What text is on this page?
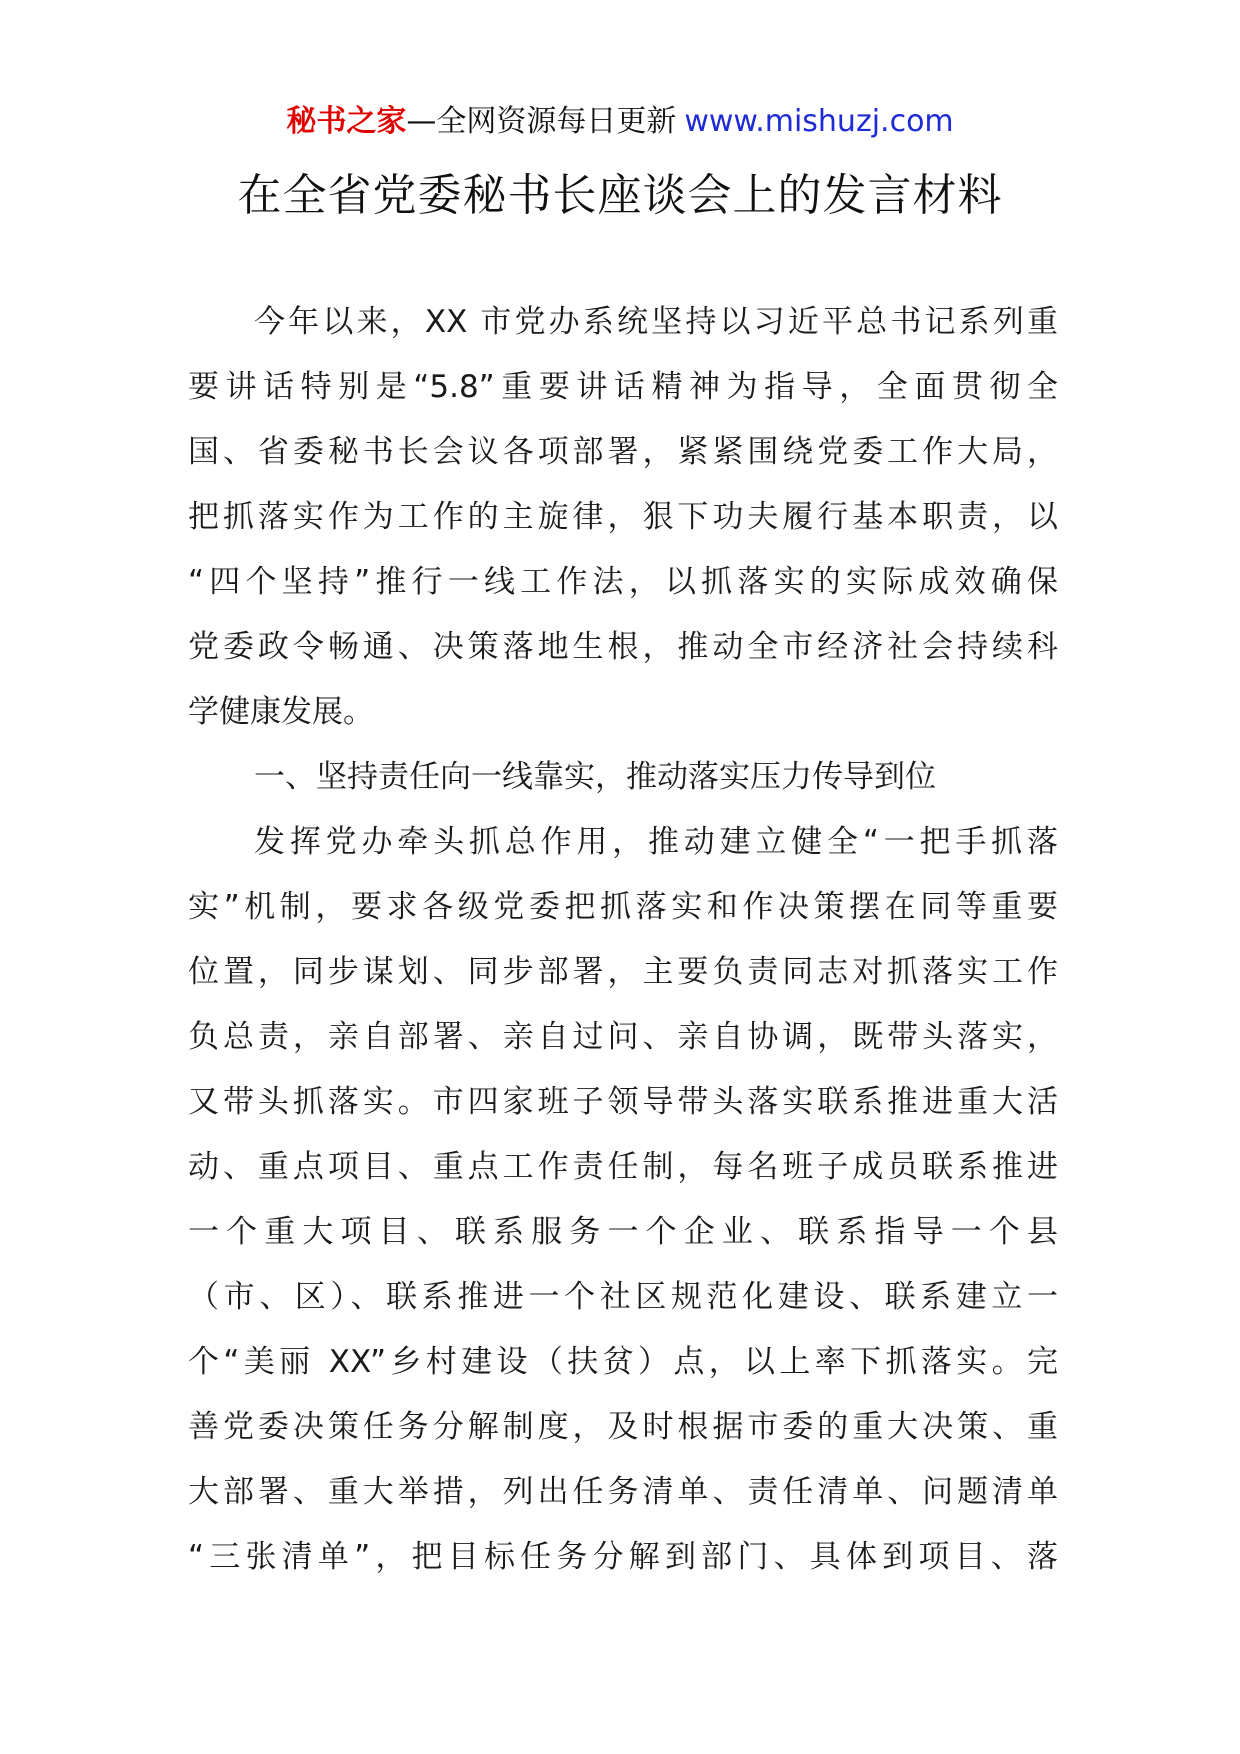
秘书之家—全网资源每日更新 www.mishuzj.com
在全省党委秘书长座谈会上的发言材料
今年以来，XX 市党办系统坚持以习近平总书记系列重
要讲话特别是“5.8”重要讲话精神为指导，全面贯彻全
国、省委秘书长会议各项部署，紧紧围绕党委工作大局，
把抓落实作为工作的主旋律，狠下功夫履行基本职责，以
“四个坚持”推行一线工作法，以抓落实的实际成效确保
党委政令畅通、决策落地生根，推动全市经济社会持续科
学健康发展。
一、坚持责任向一线靠实，推动落实压力传导到位
发挥党办牵头抓总作用，推动建立健全“一把手抓落
实”机制，要求各级党委把抓落实和作决策摆在同等重要
位置，同步谋划、同步部署，主要负责同志对抓落实工作
负总责，亲自部署、亲自过问、亲自协调，既带头落实，
又带头抓落实。市四家班子领导带头落实联系推进重大活
动、重点项目、重点工作责任制，每名班子成员联系推进
一个重大项目、联系服务一个企业、联系指导一个县
（市、区）、联系推进一个社区规范化建设、联系建立一
个“美丽 XX”乡村建设（扶贫）点，以上率下抓落实。完
善党委决策任务分解制度，及时根据市委的重大决策、重
大部署、重大举措，列出任务清单、责任清单、问题清单
“三张清单”，把目标任务分解到部门、具体到项目、落
